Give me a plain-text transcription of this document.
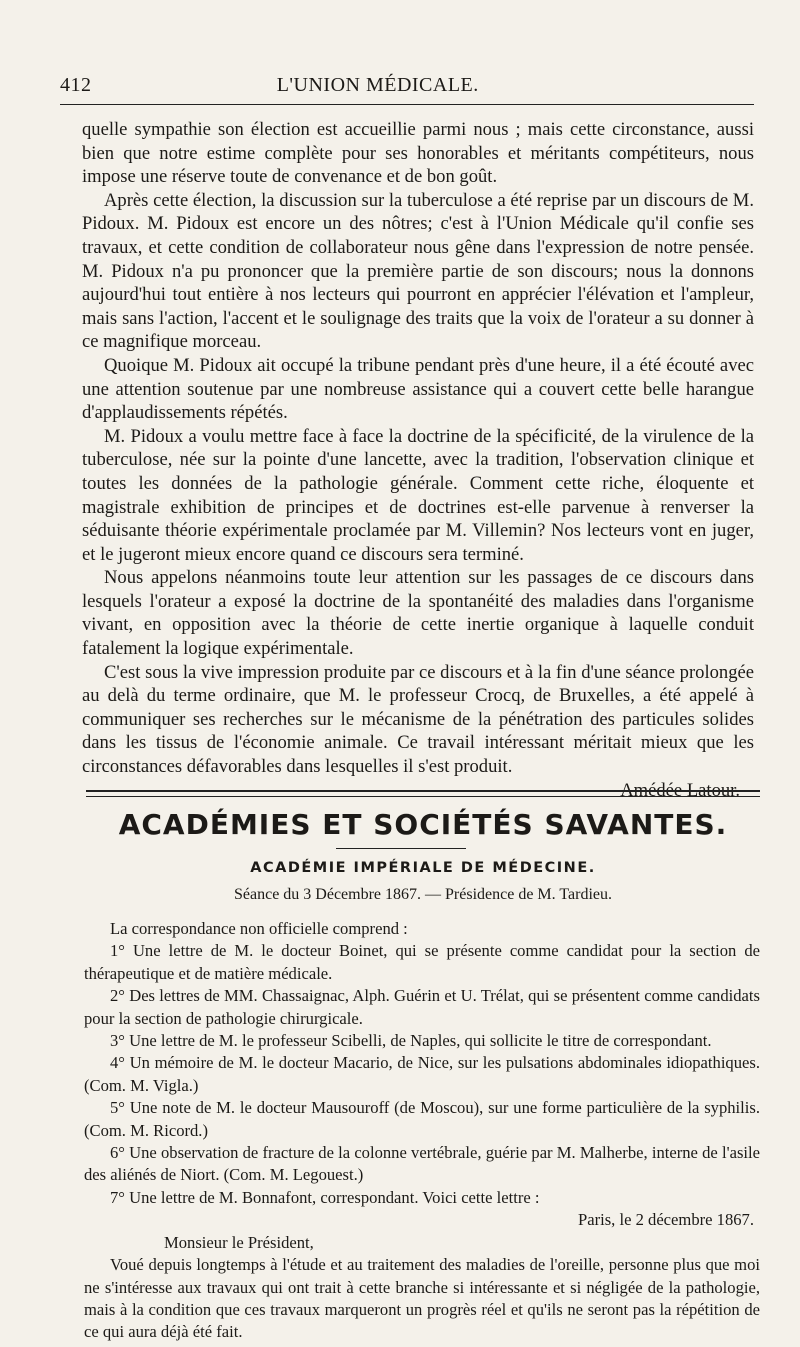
412	L'UNION MÉDICALE.

quelle sympathie son élection est accueillie parmi nous ; mais cette circonstance, aussi bien que notre estime complète pour ses honorables et méritants compétiteurs, nous impose une réserve toute de convenance et de bon goût.

Après cette élection, la discussion sur la tuberculose a été reprise par un discours de M. Pidoux. M. Pidoux est encore un des nôtres; c'est à l'Union Médicale qu'il confie ses travaux, et cette condition de collaborateur nous gêne dans l'expression de notre pensée. M. Pidoux n'a pu prononcer que la première partie de son discours; nous la donnons aujourd'hui tout entière à nos lecteurs qui pourront en apprécier l'élévation et l'ampleur, mais sans l'action, l'accent et le soulignage des traits que la voix de l'orateur a su donner à ce magnifique morceau.

Quoique M. Pidoux ait occupé la tribune pendant près d'une heure, il a été écouté avec une attention soutenue par une nombreuse assistance qui a couvert cette belle harangue d'applaudissements répétés.

M. Pidoux a voulu mettre face à face la doctrine de la spécificité, de la virulence de la tuberculose, née sur la pointe d'une lancette, avec la tradition, l'observation clinique et toutes les données de la pathologie générale. Comment cette riche, éloquente et magistrale exhibition de principes et de doctrines est-elle parvenue à renverser la séduisante théorie expérimentale proclamée par M. Villemin? Nos lecteurs vont en juger, et le jugeront mieux encore quand ce discours sera terminé.

Nous appelons néanmoins toute leur attention sur les passages de ce discours dans lesquels l'orateur a exposé la doctrine de la spontanéité des maladies dans l'organisme vivant, en opposition avec la théorie de cette inertie organique à laquelle conduit fatalement la logique expérimentale.

C'est sous la vive impression produite par ce discours et à la fin d'une séance prolongée au delà du terme ordinaire, que M. le professeur Crocq, de Bruxelles, a été appelé à communiquer ses recherches sur le mécanisme de la pénétration des particules solides dans les tissus de l'économie animale. Ce travail intéressant méritait mieux que les circonstances défavorables dans lesquelles il s'est produit.

Amédée Latour.

ACADÉMIES ET SOCIÉTÉS SAVANTES.
ACADÉMIE IMPÉRIALE DE MÉDECINE.
Séance du 3 Décembre 1867. — Présidence de M. Tardieu.

La correspondance non officielle comprend :

1° Une lettre de M. le docteur Boinet, qui se présente comme candidat pour la section de thérapeutique et de matière médicale.

2° Des lettres de MM. Chassaignac, Alph. Guérin et U. Trélat, qui se présentent comme candidats pour la section de pathologie chirurgicale.

3° Une lettre de M. le professeur Scibelli, de Naples, qui sollicite le titre de correspondant.

4° Un mémoire de M. le docteur Macario, de Nice, sur les pulsations abdominales idiopathiques. (Com. M. Vigla.)

5° Une note de M. le docteur Mausouroff (de Moscou), sur une forme particulière de la syphilis. (Com. M. Ricord.)

6° Une observation de fracture de la colonne vertébrale, guérie par M. Malherbe, interne de l'asile des aliénés de Niort. (Com. M. Legouest.)

7° Une lettre de M. Bonnafont, correspondant. Voici cette lettre :

Paris, le 2 décembre 1867.

Monsieur le Président,

Voué depuis longtemps à l'étude et au traitement des maladies de l'oreille, personne plus que moi ne s'intéresse aux travaux qui ont trait à cette branche si intéressante et si négligée de la pathologie, mais à la condition que ces travaux marqueront un progrès réel et qu'ils ne seront pas la répétition de ce qui aura déjà été fait.
